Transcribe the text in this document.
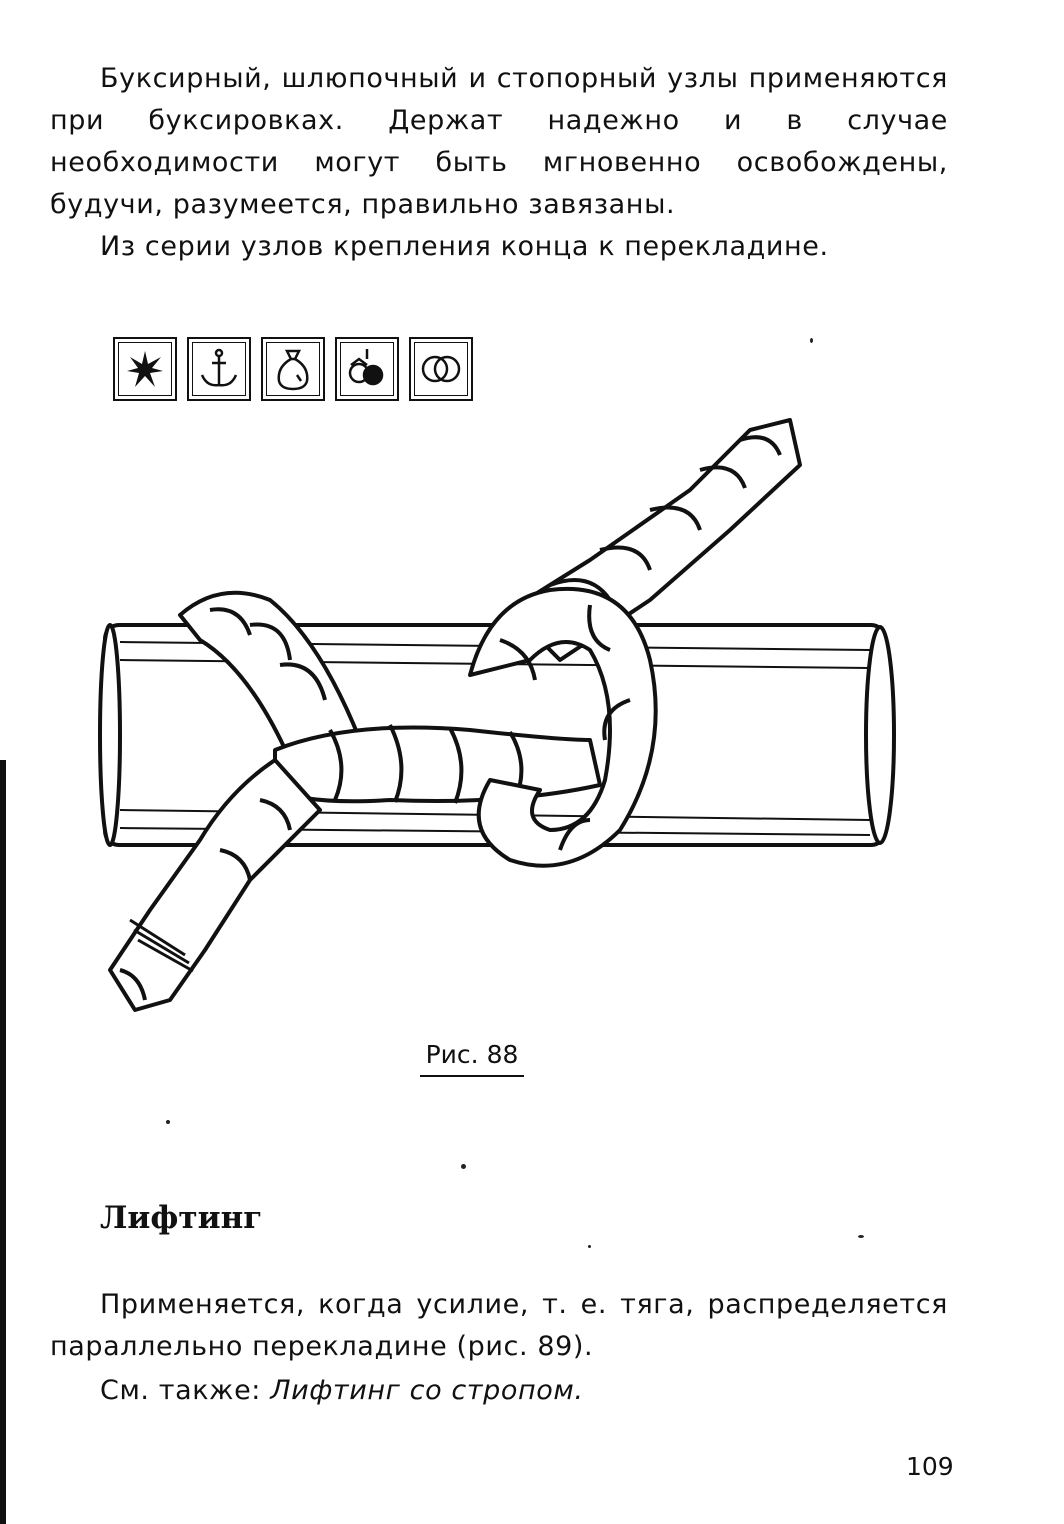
Буксирный, шлюпочный и стопорный узлы применяются при буксировках. Держат надежно и в случае необходимости могут быть мгновенно освобождены, будучи, разумеется, правильно завязаны.

Из серии узлов крепления конца к перекладине.

Рис. 88
Лифтинг

Применяется, когда усилие, т. е. тяга, распределяется параллельно перекладине (рис. 89).

См. также: Лифтинг со стропом.

109
